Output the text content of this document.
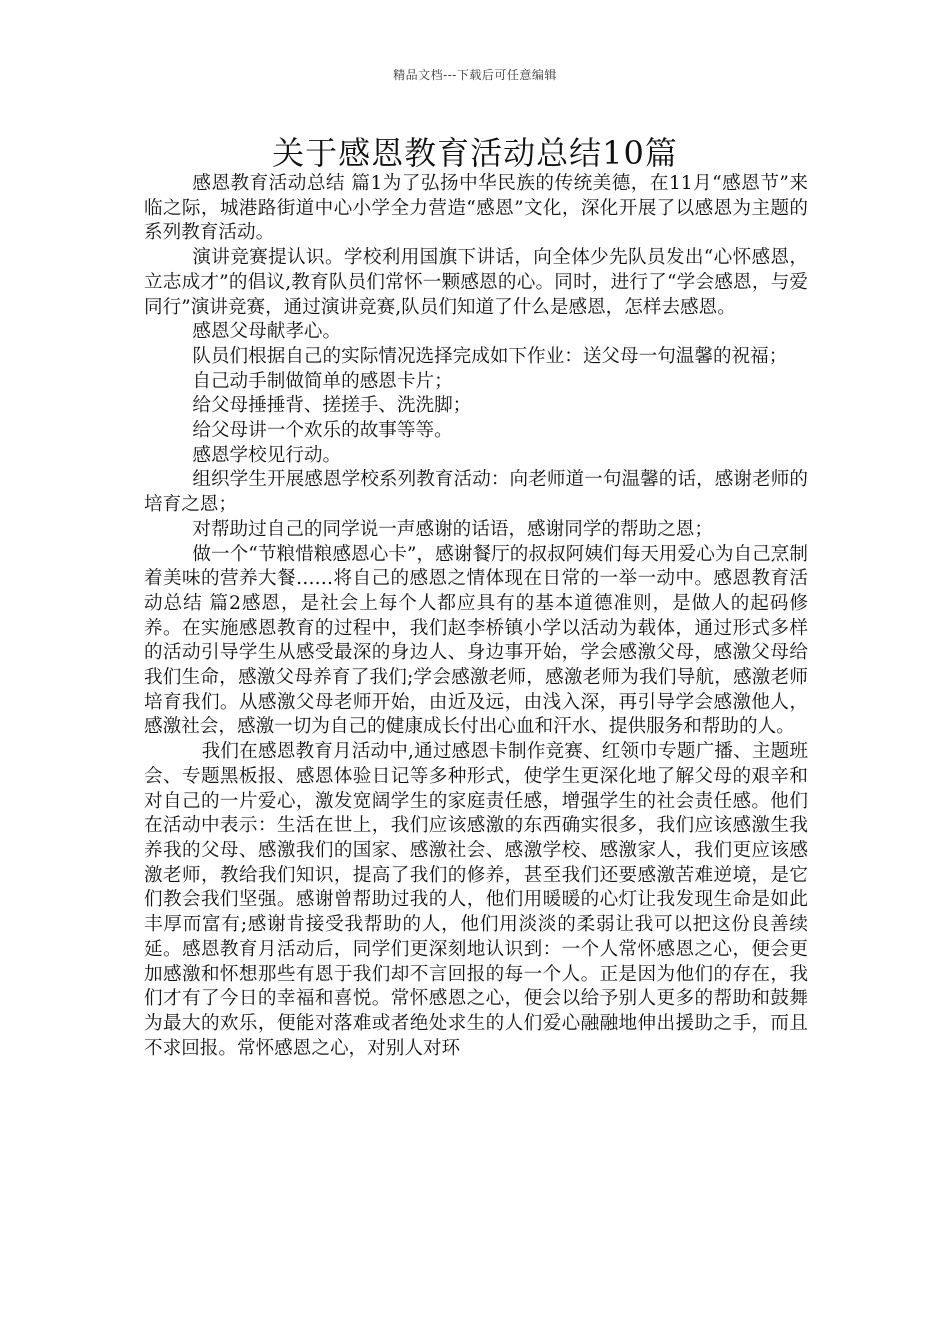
精品文档---下载后可任意编辑
关于感恩教育活动总结10篇

感恩教育活动总结 篇1为了弘扬中华民族的传统美德，在11月“感恩节”来临之际，城港路街道中心小学全力营造“感恩”文化，深化开展了以感恩为主题的系列教育活动。

演讲竞赛提认识。学校利用国旗下讲话，向全体少先队员发出“心怀感恩，立志成才”的倡议,教育队员们常怀一颗感恩的心。同时，进行了“学会感恩，与爱同行”演讲竞赛，通过演讲竞赛,队员们知道了什么是感恩，怎样去感恩。

感恩父母献孝心。

队员们根据自己的实际情况选择完成如下作业：送父母一句温馨的祝福；

自己动手制做简单的感恩卡片；

给父母捶捶背、搓搓手、洗洗脚；

给父母讲一个欢乐的故事等等。

感恩学校见行动。

组织学生开展感恩学校系列教育活动：向老师道一句温馨的话，感谢老师的培育之恩；

对帮助过自己的同学说一声感谢的话语，感谢同学的帮助之恩；

做一个“节粮惜粮感恩心卡”，感谢餐厅的叔叔阿姨们每天用爱心为自己烹制着美味的营养大餐……将自己的感恩之情体现在日常的一举一动中。感恩教育活动总结 篇2感恩，是社会上每个人都应具有的基本道德准则，是做人的起码修养。在实施感恩教育的过程中，我们赵李桥镇小学以活动为载体，通过形式多样的活动引导学生从感受最深的身边人、身边事开始，学会感激父母，感激父母给我们生命，感激父母养育了我们;学会感激老师，感激老师为我们导航，感激老师培育我们。从感激父母老师开始，由近及远，由浅入深，再引导学会感激他人，感激社会，感激一切为自己的健康成长付出心血和汗水、提供服务和帮助的人。

我们在感恩教育月活动中,通过感恩卡制作竞赛、红领巾专题广播、主题班会、专题黑板报、感恩体验日记等多种形式，使学生更深化地了解父母的艰辛和对自己的一片爱心，激发宽阔学生的家庭责任感，增强学生的社会责任感。他们在活动中表示：生活在世上，我们应该感激的东西确实很多，我们应该感激生我养我的父母、感激我们的国家、感激社会、感激学校、感激家人，我们更应该感激老师，教给我们知识，提高了我们的修养，甚至我们还要感激苦难逆境，是它们教会我们坚强。感谢曾帮助过我的人，他们用暖暖的心灯让我发现生命是如此丰厚而富有;感谢肯接受我帮助的人，他们用淡淡的柔弱让我可以把这份良善续延。感恩教育月活动后，同学们更深刻地认识到：一个人常怀感恩之心，便会更加感激和怀想那些有恩于我们却不言回报的每一个人。正是因为他们的存在，我们才有了今日的幸福和喜悦。常怀感恩之心，便会以给予别人更多的帮助和鼓舞为最大的欢乐，便能对落难或者绝处求生的人们爱心融融地伸出援助之手，而且不求回报。常怀感恩之心，对别人对环
